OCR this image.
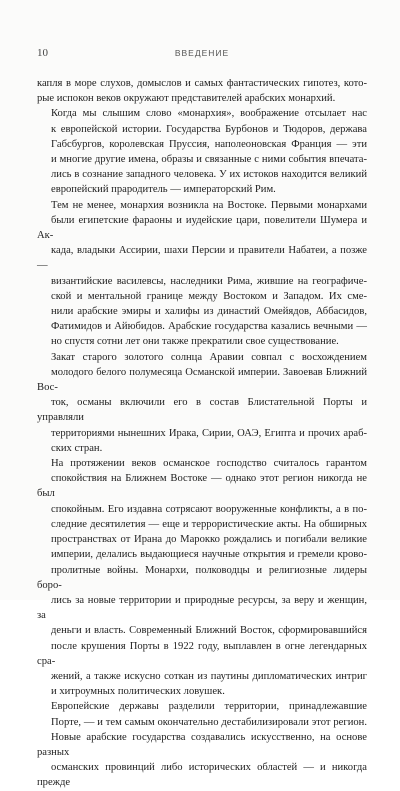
10	ВВЕДЕНИЕ

капля в море слухов, домыслов и самых фантастических гипотез, кото-
рые испокон веков окружают представителей арабских монархий.

Когда мы слышим слово «монархия», воображение отсылает нас
к европейской истории. Государства Бурбонов и Тюдоров, держава
Габсбургов, королевская Пруссия, наполеоновская Франция — эти
и многие другие имена, образы и связанные с ними события впечата-
лись в сознание западного человека. У их истоков находится великий
европейский прародитель — императорский Рим.

Тем не менее, монархия возникла на Востоке. Первыми монархами
были египетские фараоны и иудейские цари, повелители Шумера и Ак-
када, владыки Ассирии, шахи Персии и правители Набатеи, а позже —
византийские василевсы, наследники Рима, жившие на географиче-
ской и ментальной границе между Востоком и Западом. Их сме-
нили арабские эмиры и халифы из династий Омейядов, Аббасидов,
Фатимидов и Айюбидов. Арабские государства казались вечными —
но спустя сотни лет они также прекратили свое существование.

Закат старого золотого солнца Аравии совпал с восхождением
молодого белого полумесяца Османской империи. Завоевав Ближний Вос-
ток, османы включили его в состав Блистательной Порты и управляли
территориями нынешних Ирака, Сирии, ОАЭ, Египта и прочих араб-
ских стран.

На протяжении веков османское господство считалось гарантом
спокойствия на Ближнем Востоке — однако этот регион никогда не был
спокойным. Его издавна сотрясают вооруженные конфликты, а в по-
следние десятилетия — еще и террористические акты. На обширных
пространствах от Ирана до Марокко рождались и погибали великие
империи, делались выдающиеся научные открытия и гремели крово-
пролитные войны. Монархи, полководцы и религиозные лидеры боро-
лись за новые территории и природные ресурсы, за веру и женщин, за
деньги и власть. Современный Ближний Восток, сформировавшийся
после крушения Порты в 1922 году, выплавлен в огне легендарных сра-
жений, а также искусно соткан из паутины дипломатических интриг
и хитроумных политических ловушек.

Европейские державы разделили территории, принадлежавшие
Порте, — и тем самым окончательно дестабилизировали этот регион.
Новые арабские государства создавались искусственно, на основе разных
османских провинций либо исторических областей — и никогда прежде
